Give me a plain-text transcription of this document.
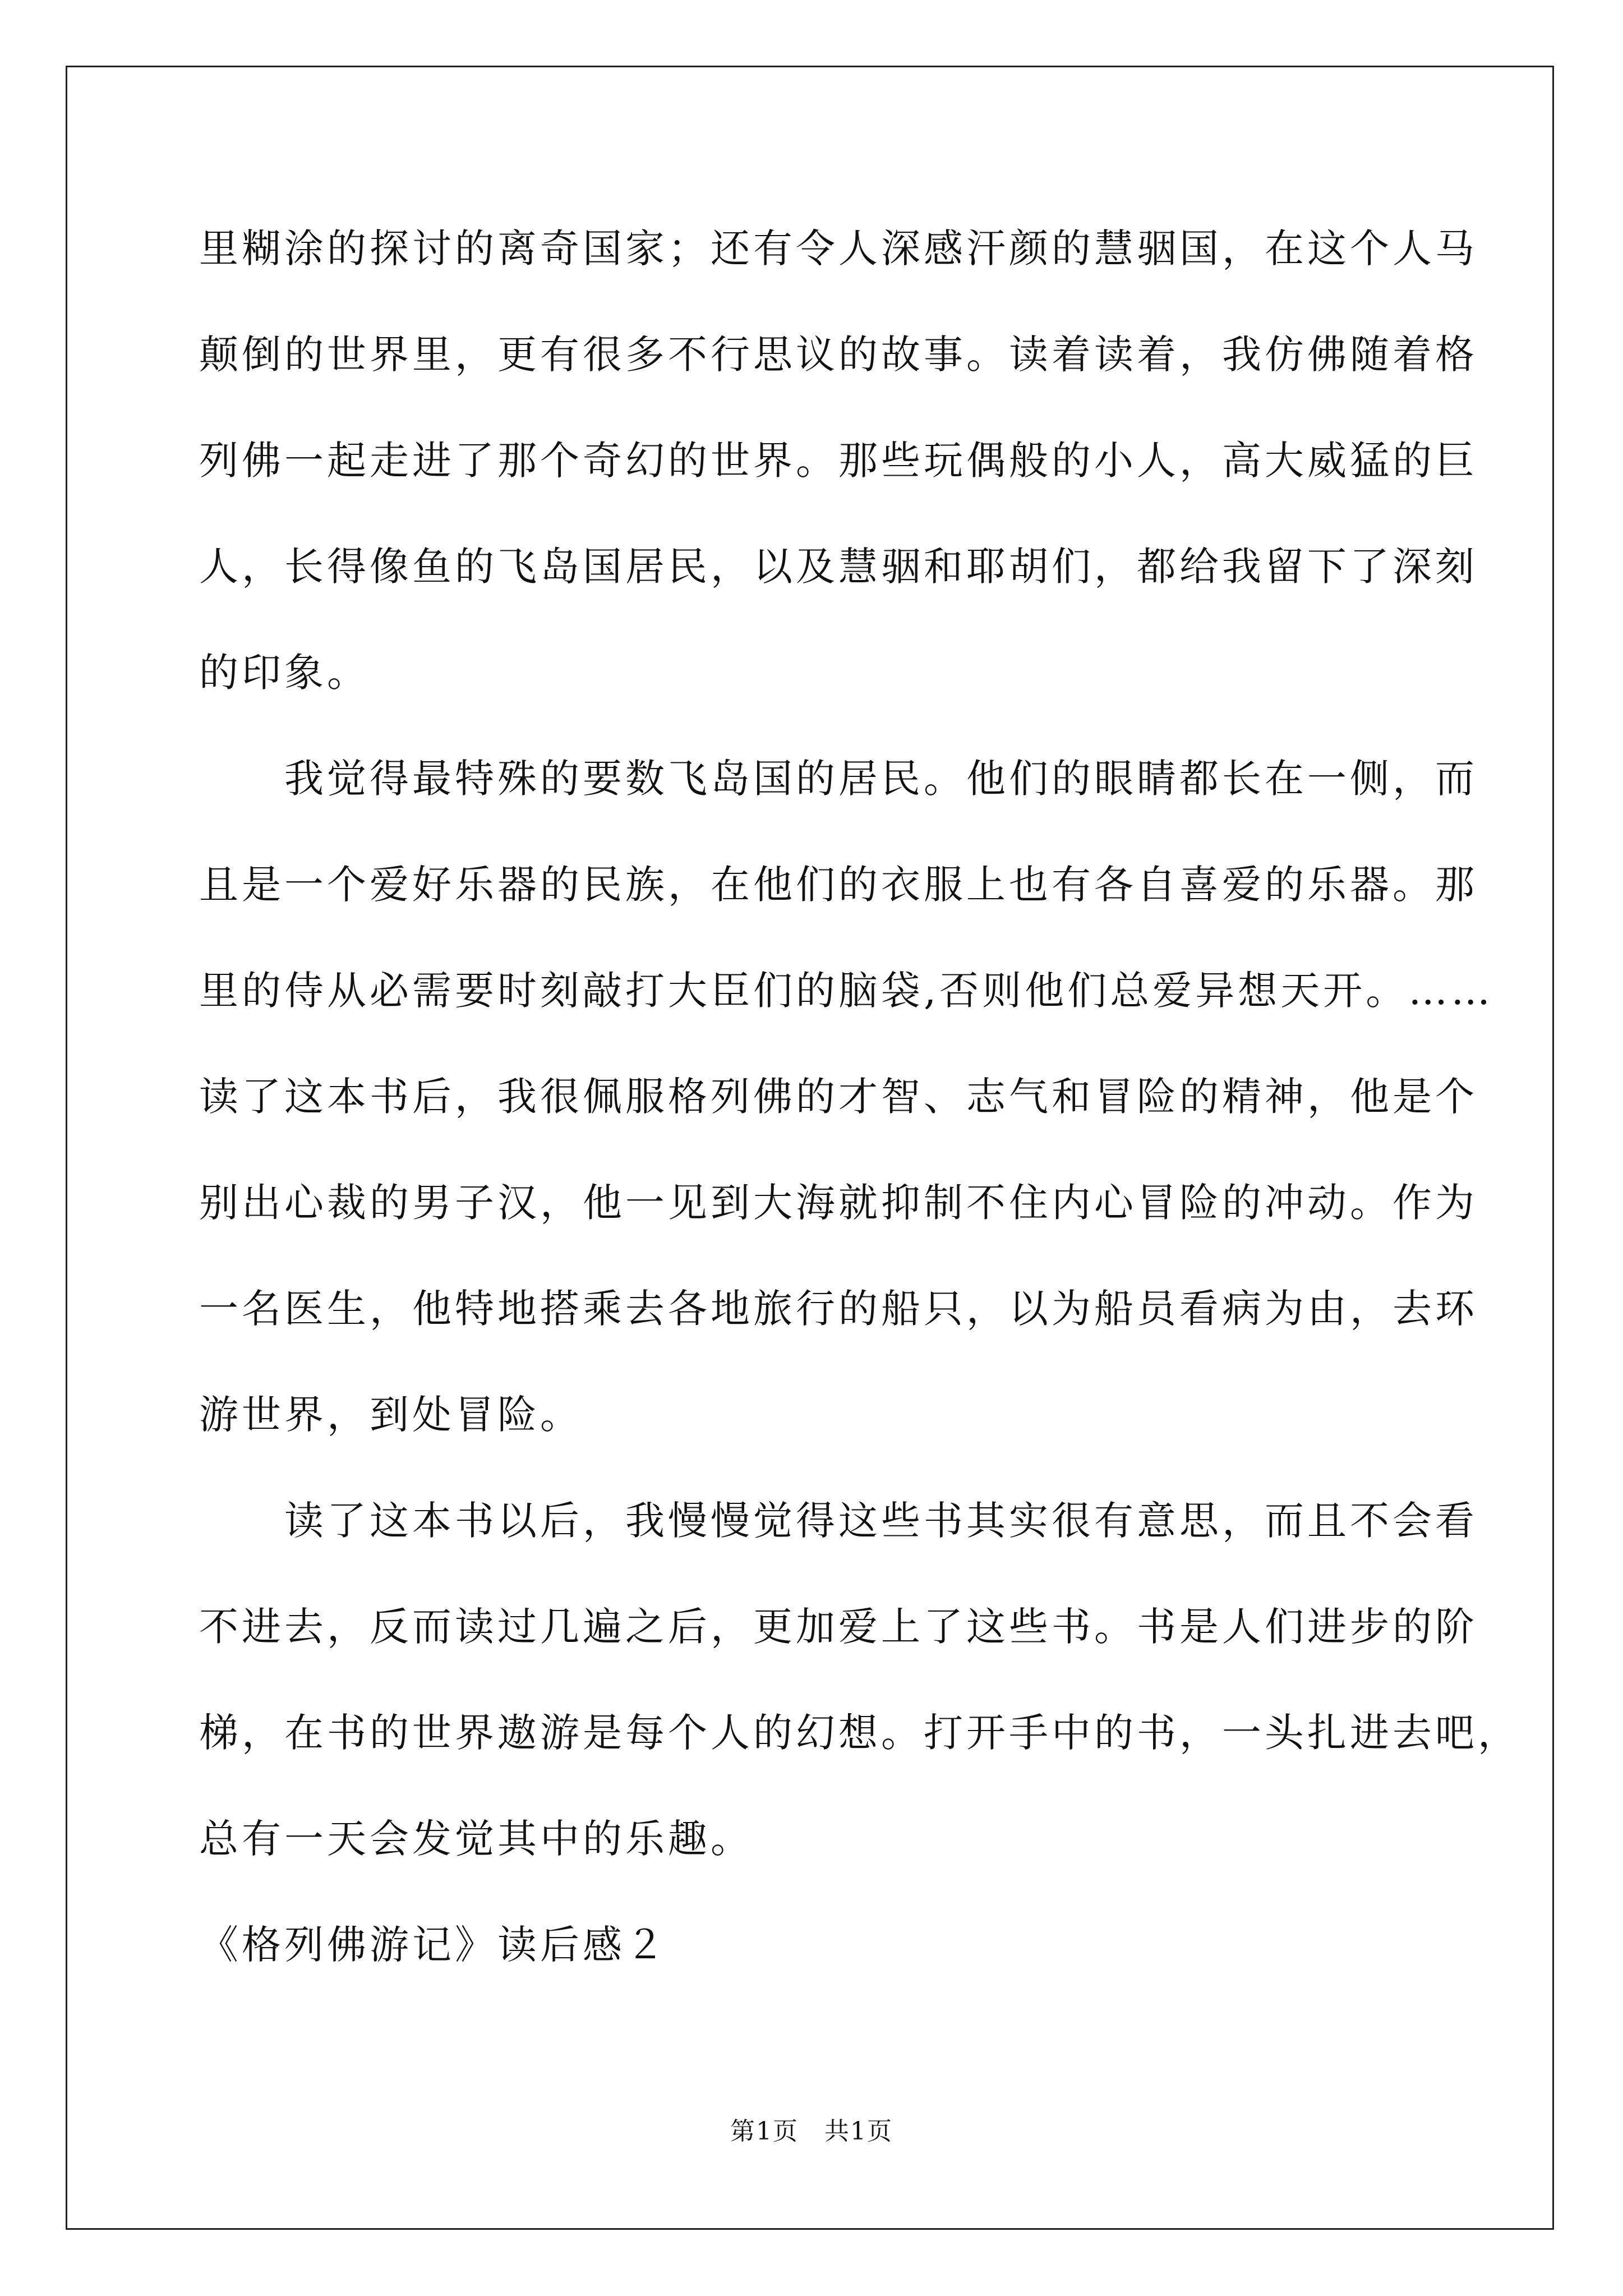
里糊涂的探讨的离奇国家；还有令人深感汗颜的慧骃国，在这个人马
颠倒的世界里，更有很多不行思议的故事。读着读着，我仿佛随着格
列佛一起走进了那个奇幻的世界。那些玩偶般的小人，高大威猛的巨
人，长得像鱼的飞岛国居民，以及慧骃和耶胡们，都给我留下了深刻
的印象。
　　我觉得最特殊的要数飞岛国的居民。他们的眼睛都长在一侧，而
且是一个爱好乐器的民族，在他们的衣服上也有各自喜爱的乐器。那
里的侍从必需要时刻敲打大臣们的脑袋,否则他们总爱异想天开。……
读了这本书后，我很佩服格列佛的才智、志气和冒险的精神，他是个
别出心裁的男子汉，他一见到大海就抑制不住内心冒险的冲动。作为
一名医生，他特地搭乘去各地旅行的船只，以为船员看病为由，去环
游世界，到处冒险。
　　读了这本书以后，我慢慢觉得这些书其实很有意思，而且不会看
不进去，反而读过几遍之后，更加爱上了这些书。书是人们进步的阶
梯，在书的世界遨游是每个人的幻想。打开手中的书，一头扎进去吧，
总有一天会发觉其中的乐趣。
《格列佛游记》读后感２
第1页　共1页
